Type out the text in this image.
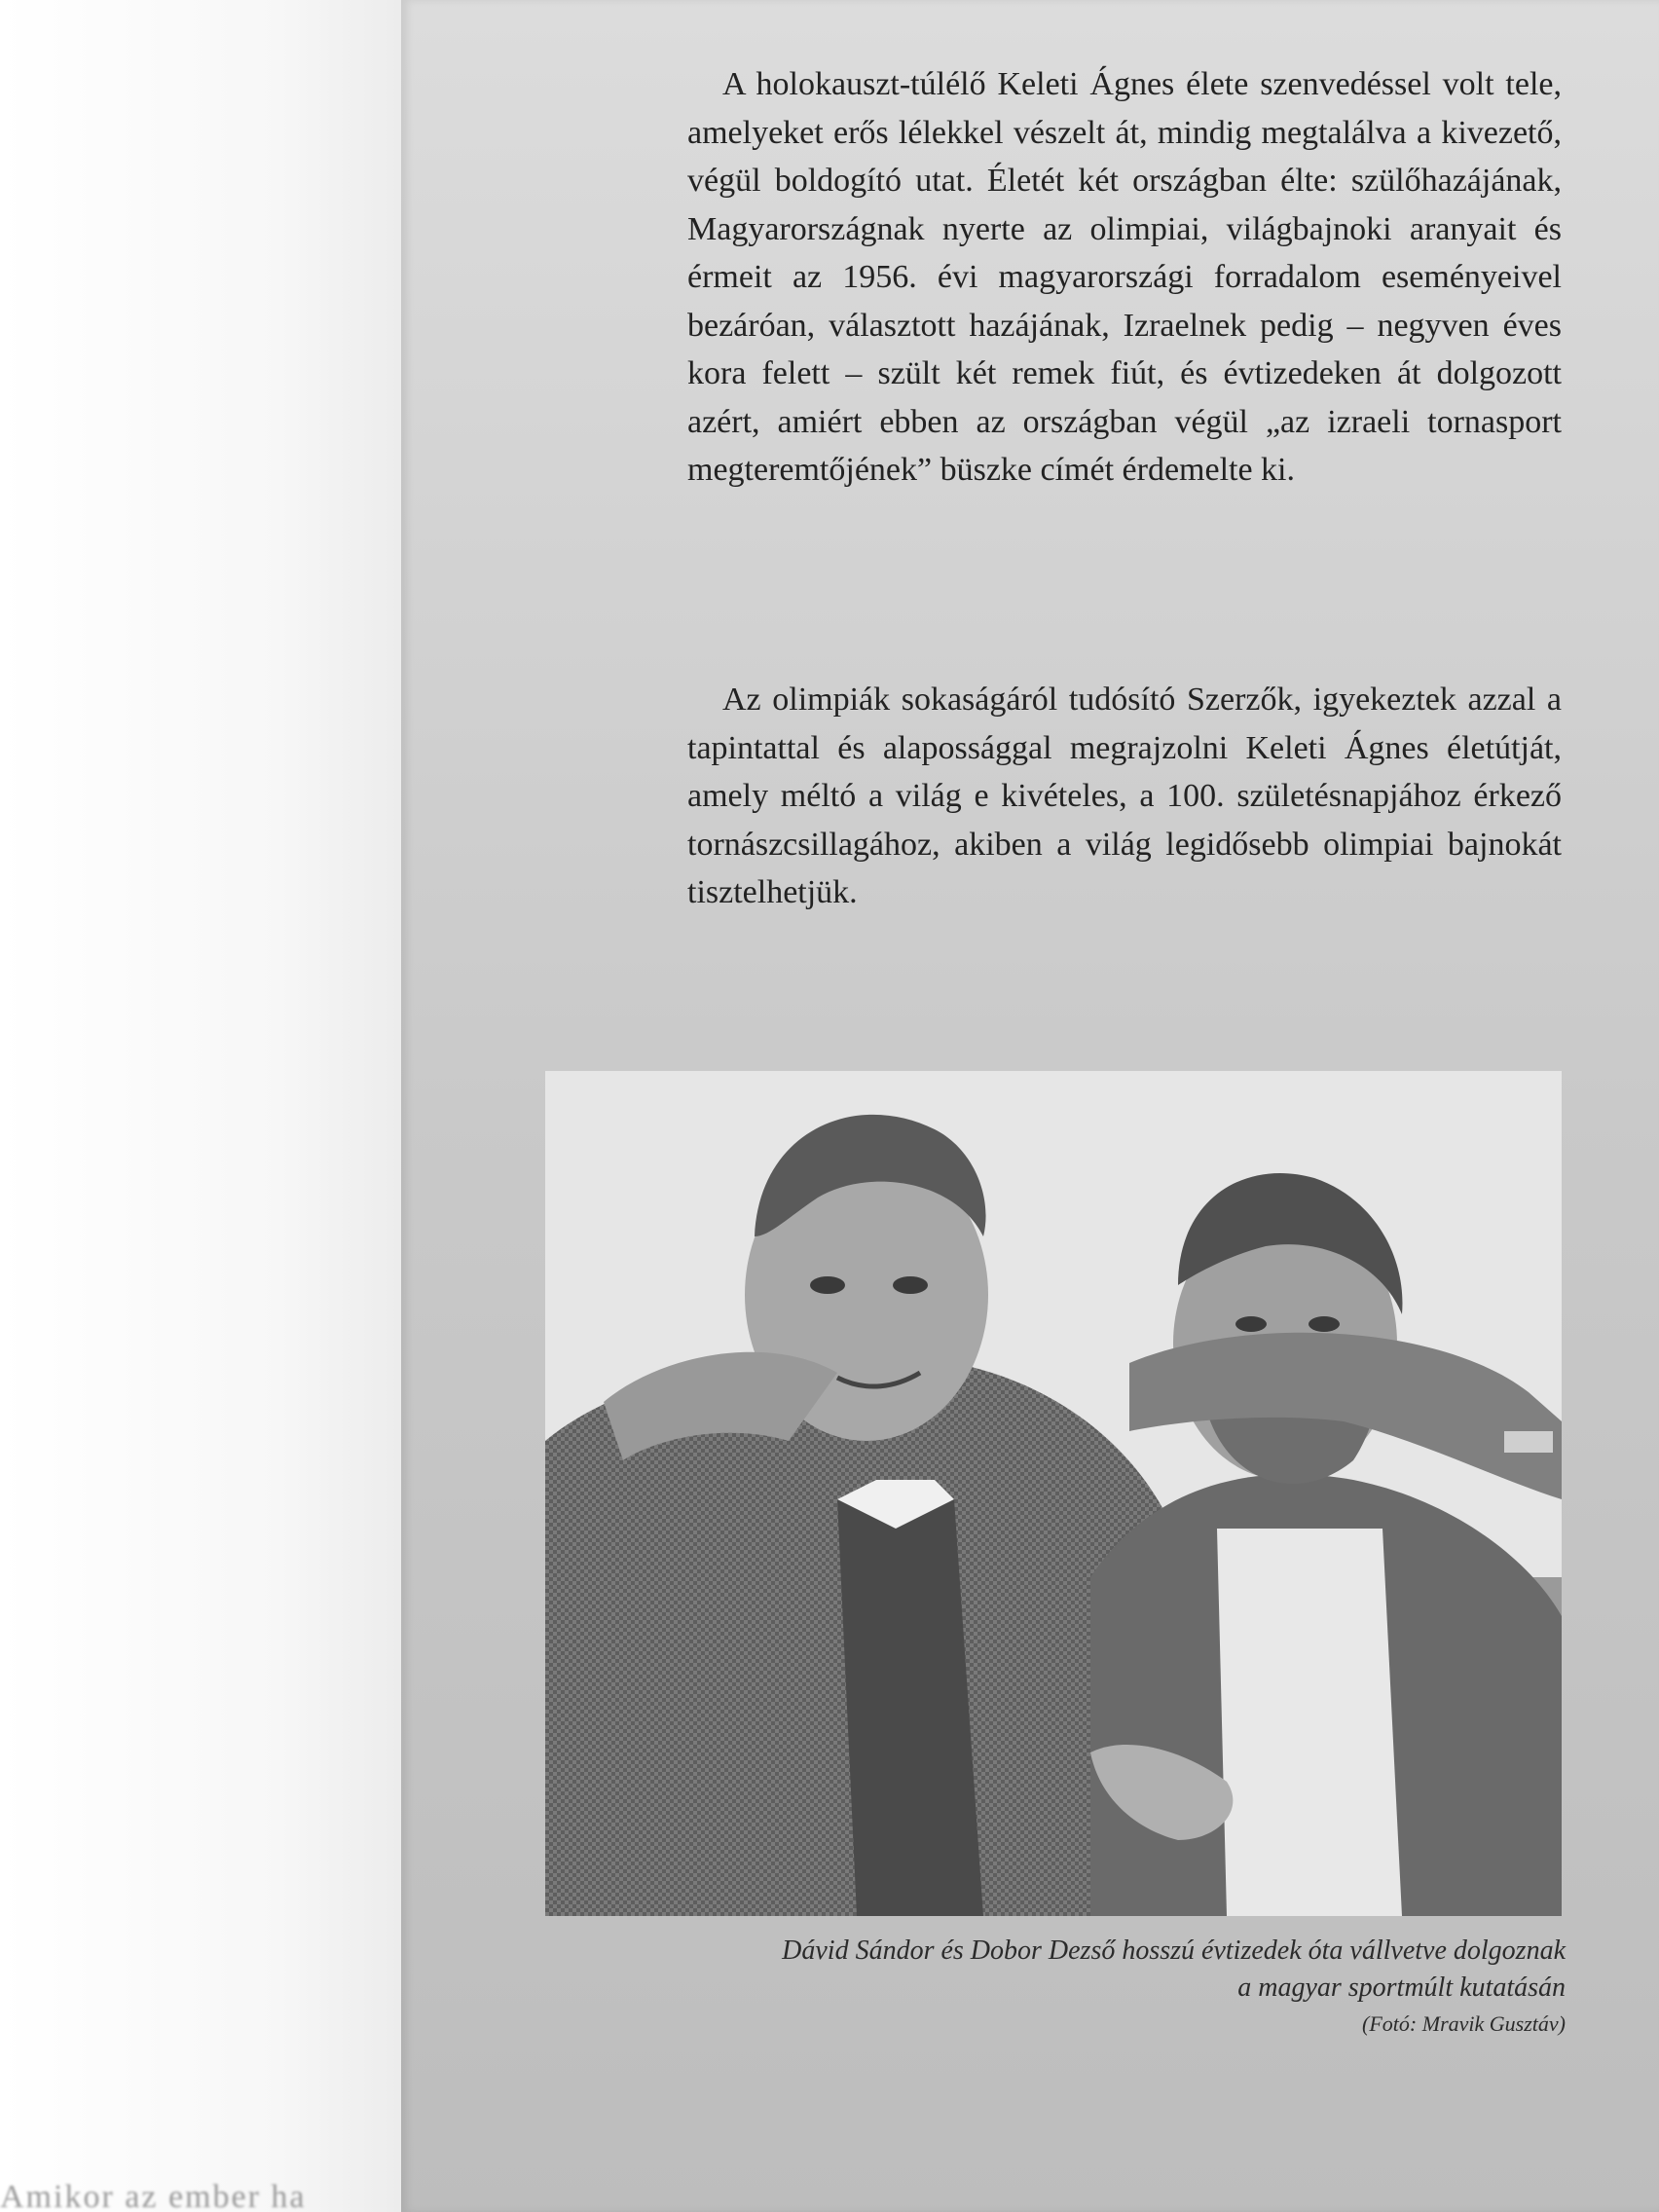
Amikor az ember ha

A holokauszt-túlélő Keleti Ágnes élete szenvedéssel volt tele, amelyeket erős lélekkel vészelt át, mindig megtalálva a kivezető, végül boldogító utat. Életét két országban élte: szülőhazájának, Magyarországnak nyerte az olimpiai, világbajnoki aranyait és érmeit az 1956. évi magyarországi forradalom eseményeivel bezáróan, választott hazájának, Izraelnek pedig – negyven éves kora felett – szült két remek fiút, és évtizedeken át dolgozott azért, amiért ebben az országban végül „az izraeli tornasport megteremtőjének” büszke címét érdemelte ki.

Az olimpiák sokaságáról tudósító Szerzők, igyekeztek azzal a tapintattal és alapossággal megrajzolni Keleti Ágnes életútját, amely méltó a világ e kivételes, a 100. születésnapjához érkező tornászcsillagához, akiben a világ legidősebb olimpiai bajnokát tisztelhetjük.

Dávid Sándor és Dobor Dezső hosszú évtizedek óta vállvetve dolgoznak
a magyar sportmúlt kutatásán
(Fotó: Mravik Gusztáv)
